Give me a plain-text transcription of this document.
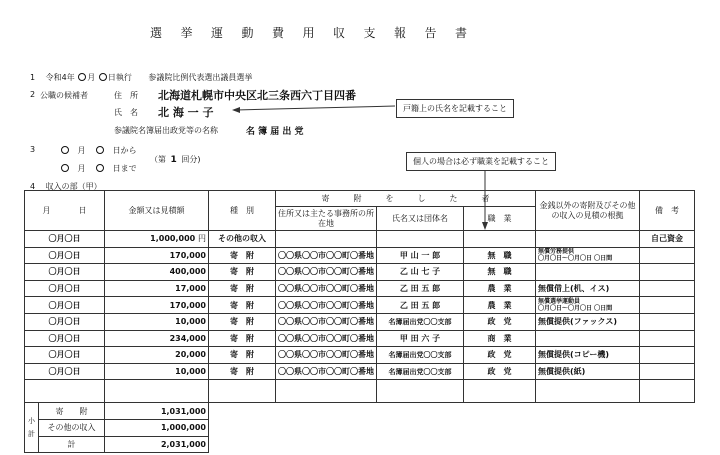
選挙運動費用収支報告書
1 令和4年 月 日執行 参議院比例代表選出議員選挙
2 公職の候補者	住　所 北海道札幌市中央区北三条西六丁目四番
氏　名 北 海 一 子
参議院名簿届出政党等の名称	名 簿 届 出 党
戸籍上の氏名を記載すること
個人の場合は必ず職業を記載すること
3	月	日から
月	日まで
（第 1 回分)
4 収入の部（甲）
月 日		金額又は見積額	種　別	寄　　　附　　　を　　　し　　　た　　　者			金銭以外の寄附及びその他の収入の見積の根拠	備　考
				住所又は主たる事務所の所在地	氏名又は団体名	職　業		
〇月〇日		1,000,000 円	その他の収入					自己資金
〇月〇日		170,000	寄　附	〇〇県〇〇市〇〇町〇番地	甲 山 一 郎	無　職	無償労務提供
〇月〇日～〇月〇日 〇日間	

〇月〇日		400,000	寄　附	〇〇県〇〇市〇〇町〇番地	乙 山 七 子	無　職		
〇月〇日		17,000	寄　附	〇〇県〇〇市〇〇町〇番地	乙 田 五 郎	農　業	無償借上(机、イス)	
〇月〇日		170,000	寄　附	〇〇県〇〇市〇〇町〇番地	乙 田 五 郎	農　業	無償選挙運動員
〇月〇日～〇月〇日 〇日間	

〇月〇日		10,000	寄　附	〇〇県〇〇市〇〇町〇番地	名簿届出党〇〇支部	政　党	無償提供(ファックス)	
〇月〇日		234,000	寄　附	〇〇県〇〇市〇〇町〇番地	甲 田 六 子	商　業		
〇月〇日		20,000	寄　附	〇〇県〇〇市〇〇町〇番地	名簿届出党〇〇支部	政　党	無償提供(コピー機)	
〇月〇日		10,000	寄　附	〇〇県〇〇市〇〇町〇番地	名簿届出党〇〇支部	政　党	無償提供(紙)	

小計	寄　　附	1,031,000						
	その他の収入	1,000,000						
	計	2,031,000						
